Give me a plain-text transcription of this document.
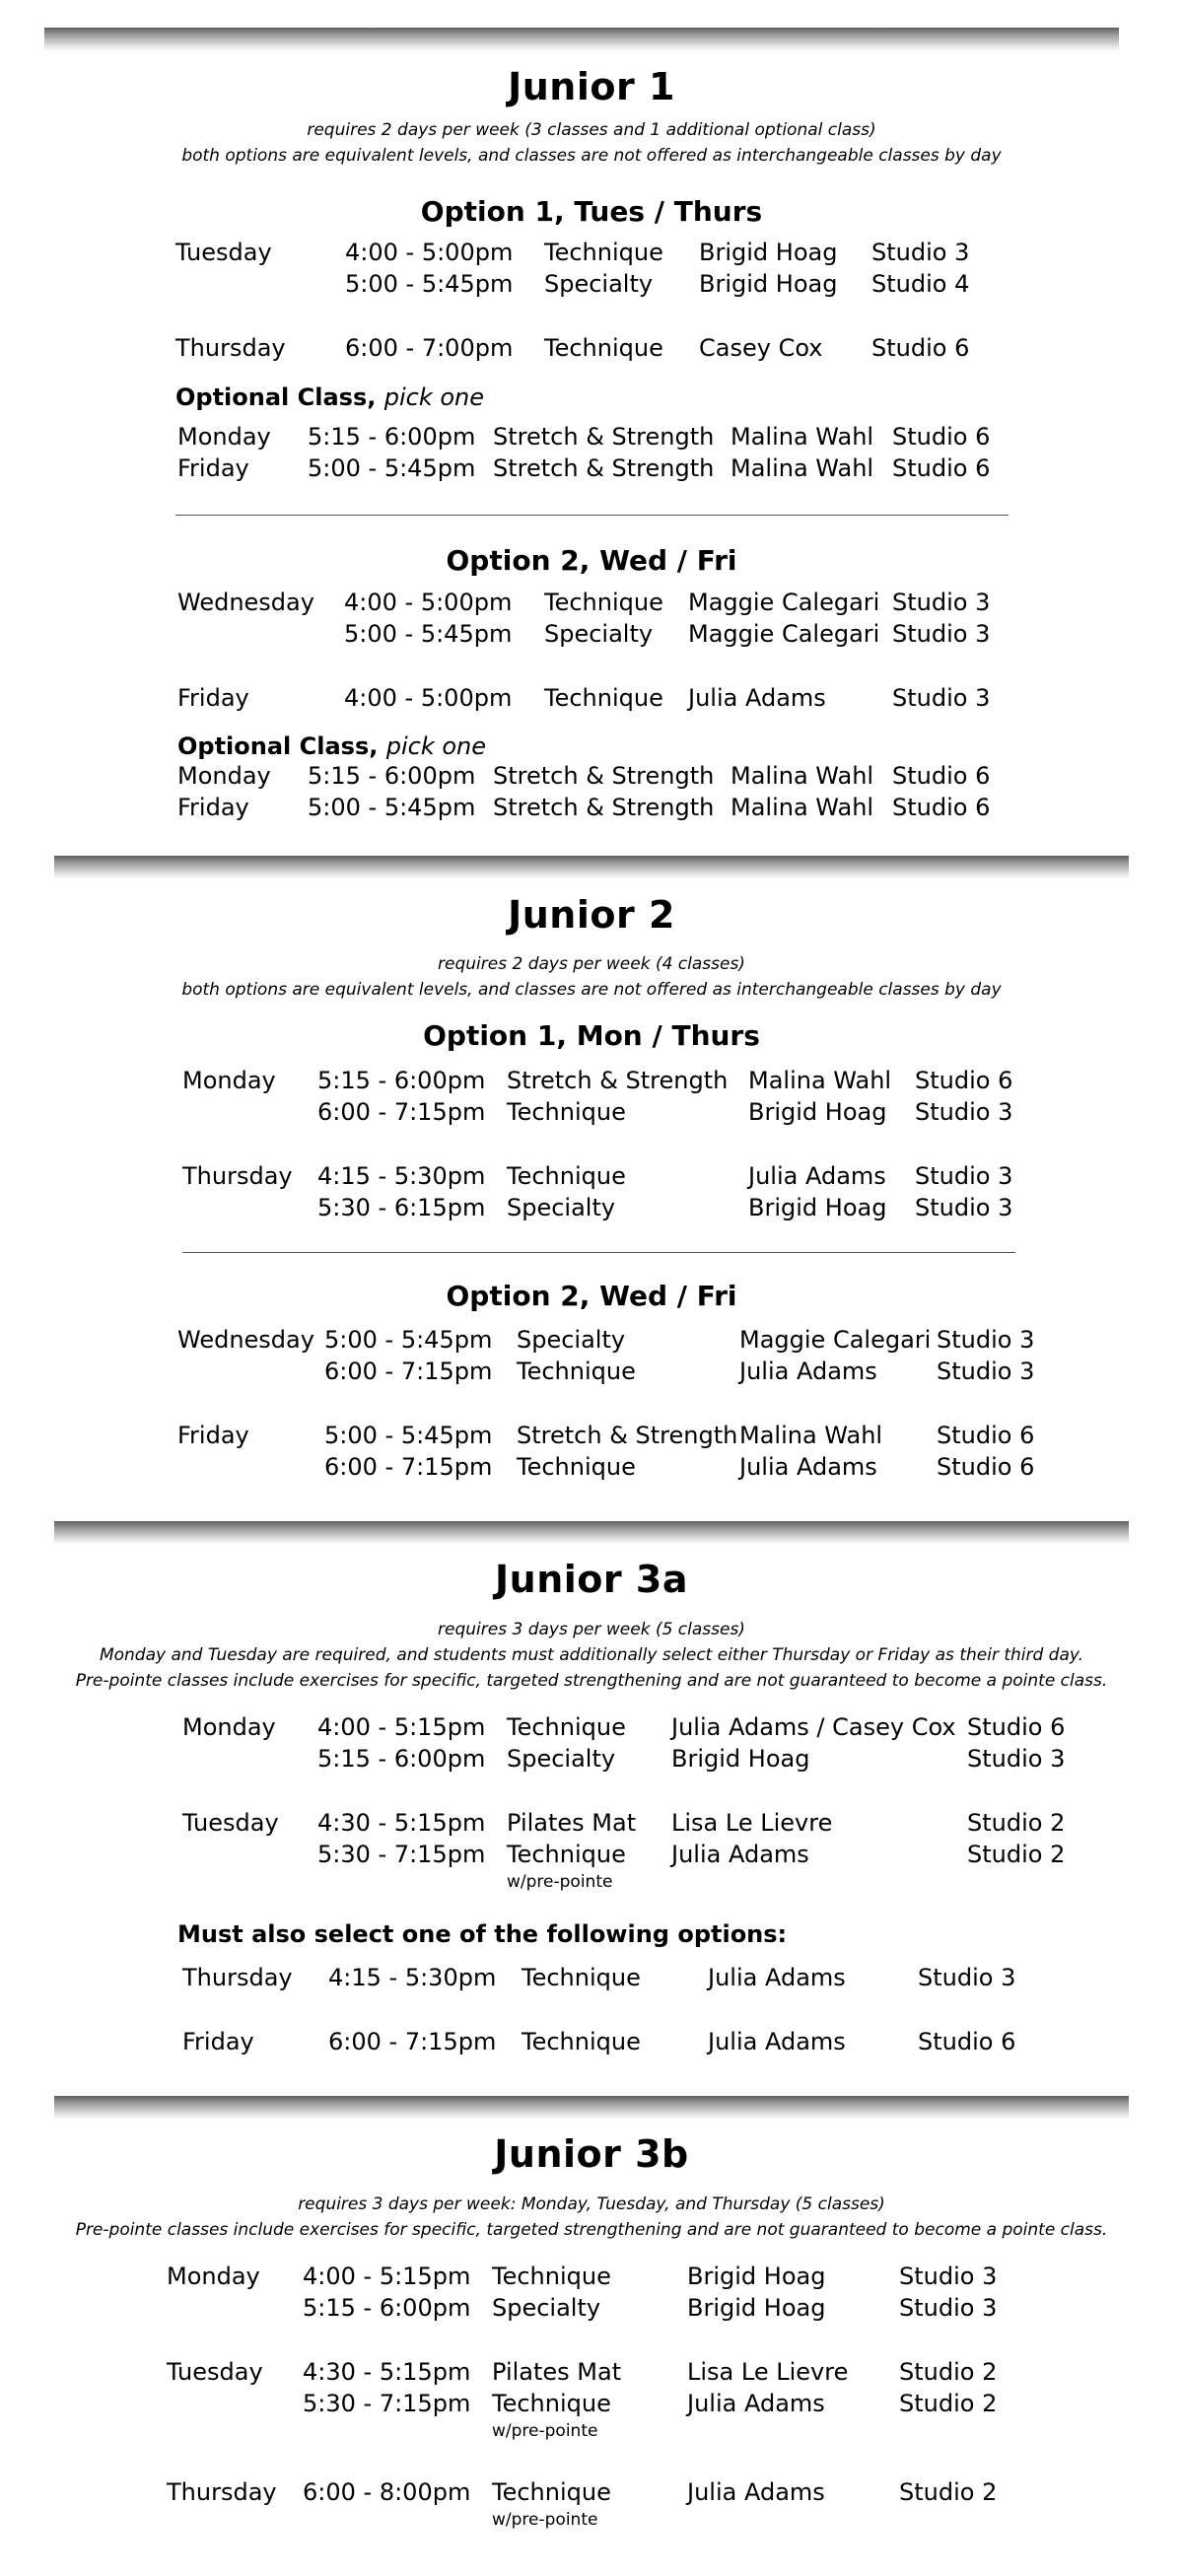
Junior 1
requires 2 days per week (3 classes and 1 additional optional class)
both options are equivalent levels, and classes are not offered as interchangeable classes by day
Option 1, Tues / Thurs
Tuesday	4:00 - 5:00pm Technique Brigid Hoag Studio 3
5:00 - 5:45pm Specialty Brigid Hoag Studio 4
Thursday	6:00 - 7:00pm Technique Casey Cox Studio 6
Optional Class, pick one
Monday 5:15 - 6:00pm Stretch & Strength Malina Wahl Studio 6
Friday 5:00 - 5:45pm Stretch & Strength Malina Wahl Studio 6
Option 2, Wed / Fri
Wednesday 4:00 - 5:00pm Technique Maggie Calegari Studio 3
5:00 - 5:45pm Specialty Maggie Calegari Studio 3
Friday	4:00 - 5:00pm Technique Julia Adams	Studio 3
Optional Class, pick one
Monday 5:15 - 6:00pm Stretch & Strength Malina Wahl Studio 6
Friday 5:00 - 5:45pm Stretch & Strength Malina Wahl Studio 6
Junior 2
requires 2 days per week (4 classes)
both options are equivalent levels, and classes are not offered as interchangeable classes by day
Option 1, Mon / Thurs
Monday 5:15 - 6:00pm Stretch & Strength Malina Wahl Studio 6
6:00 - 7:15pm Technique	Brigid Hoag Studio 3
Thursday 4:15 - 5:30pm Technique	Julia Adams Studio 3
5:30 - 6:15pm Specialty	Brigid Hoag Studio 3
Option 2, Wed / Fri
Wednesday 5:00 - 5:45pm Specialty	Maggie Calegari Studio 3
6:00 - 7:15pm Technique	Julia Adams	Studio 3
Friday	5:00 - 5:45pm Stretch & Strength Malina Wahl Studio 6
6:00 - 7:15pm Technique	Julia Adams	Studio 6
Junior 3a
requires 3 days per week (5 classes)
Monday and Tuesday are required, and students must additionally select either Thursday or Friday as their third day.
Pre-pointe classes include exercises for specific, targeted strengthening and are not guaranteed to become a pointe class.
Monday 4:00 - 5:15pm Technique Julia Adams / Casey Cox Studio 6
5:15 - 6:00pm Specialty Brigid Hoag	Studio 3
Tuesday 4:30 - 5:15pm Pilates Mat Lisa Le Lievre	Studio 2
5:30 - 7:15pm Technique Julia Adams	Studio 2
w/pre-pointe
Must also select one of the following options:
Thursday 4:15 - 5:30pm Technique	Julia Adams	Studio 3
Friday	6:00 - 7:15pm Technique	Julia Adams	Studio 6
Junior 3b
requires 3 days per week: Monday, Tuesday, and Thursday (5 classes)
Pre-pointe classes include exercises for specific, targeted strengthening and are not guaranteed to become a pointe class.
Monday 4:00 - 5:15pm Technique	Brigid Hoag	Studio 3
5:15 - 6:00pm Specialty	Brigid Hoag	Studio 3
Tuesday 4:30 - 5:15pm Pilates Mat	Lisa Le Lievre Studio 2
5:30 - 7:15pm Technique	Julia Adams	Studio 2
w/pre-pointe
Thursday 6:00 - 8:00pm Technique	Julia Adams	Studio 2
w/pre-pointe
